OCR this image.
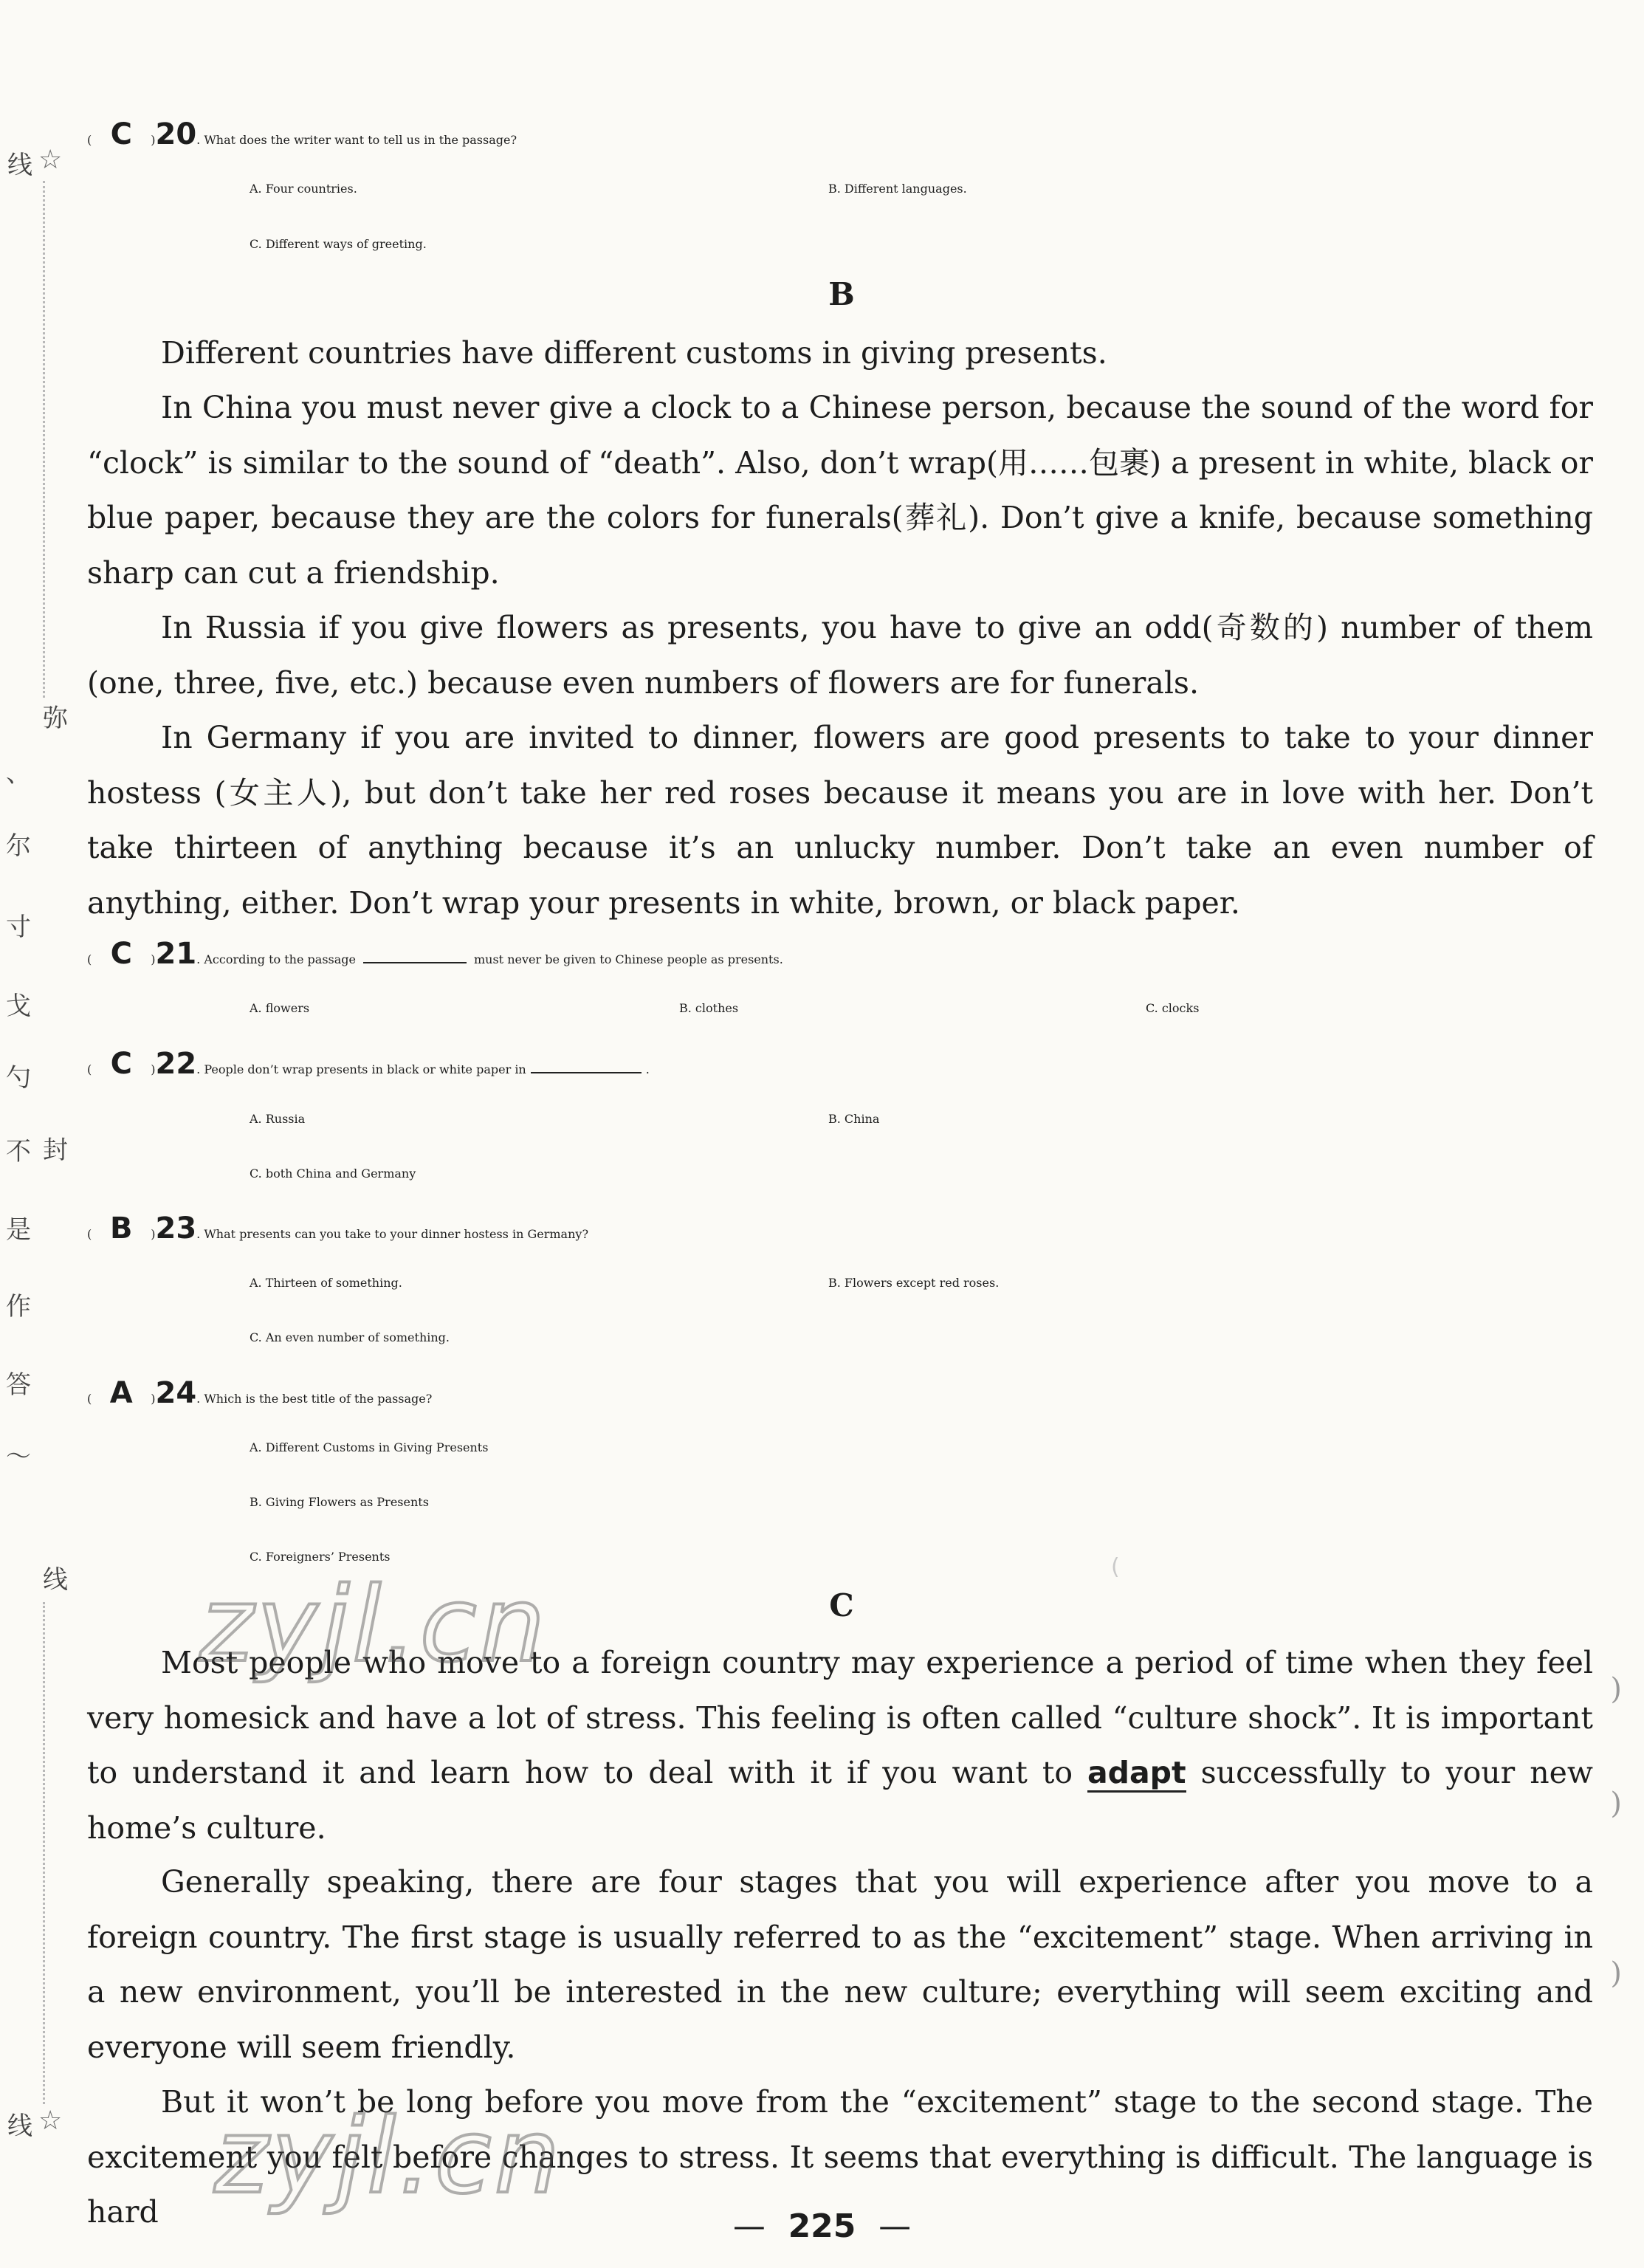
线 ☆
弥
、
尔
寸
戈
勺
不 封
是
作
答
～
线
线 ☆
( C )20. What does the writer want to tell us in the passage?
A. Four countries.	B. Different languages.
C. Different ways of greeting.
B
Different countries have different customs in giving presents.
In China you must never give a clock to a Chinese person, because the sound of the word for “clock” is similar to the sound of “death”. Also, don’t wrap(用……包裹) a present in white, black or blue paper, because they are the colors for funerals(葬礼). Don’t give a knife, because something sharp can cut a friendship.
In Russia if you give flowers as presents, you have to give an odd(奇数的) number of them (one, three, five, etc.) because even numbers of flowers are for funerals.
In Germany if you are invited to dinner, flowers are good presents to take to your dinner hostess (女主人), but don’t take her red roses because it means you are in love with her. Don’t take thirteen of anything because it’s an unlucky number. Don’t take an even number of anything, either. Don’t wrap your presents in white, brown, or black paper.
( C )21. According to the passage	must never be given to Chinese people as presents.
A. flowers	B. clothes	C. clocks
( C )22. People don’t wrap presents in black or white paper in	.
A. Russia	B. China
C. both China and Germany
( B )23. What presents can you take to your dinner hostess in Germany?
A. Thirteen of something.	B. Flowers except red roses.
C. An even number of something.
( A )24. Which is the best title of the passage?
A. Different Customs in Giving Presents
B. Giving Flowers as Presents
C. Foreigners’ Presents
C
Most people who move to a foreign country may experience a period of time when they feel very homesick and have a lot of stress. This feeling is often called “culture shock”. It is important to understand it and learn how to deal with it if you want to adapt successfully to your new home’s culture.
Generally speaking, there are four stages that you will experience after you move to a foreign country. The first stage is usually referred to as the “excitement” stage. When arriving in a new environment, you’ll be interested in the new culture; everything will seem exciting and everyone will seem friendly.
But it won’t be long before you move from the “excitement” stage to the second stage. The excitement you felt before changes to stress. It seems that everything is difficult. The language is hard
(
)
)
)
zyjl.cn
zyjl.cn
— 225 —
